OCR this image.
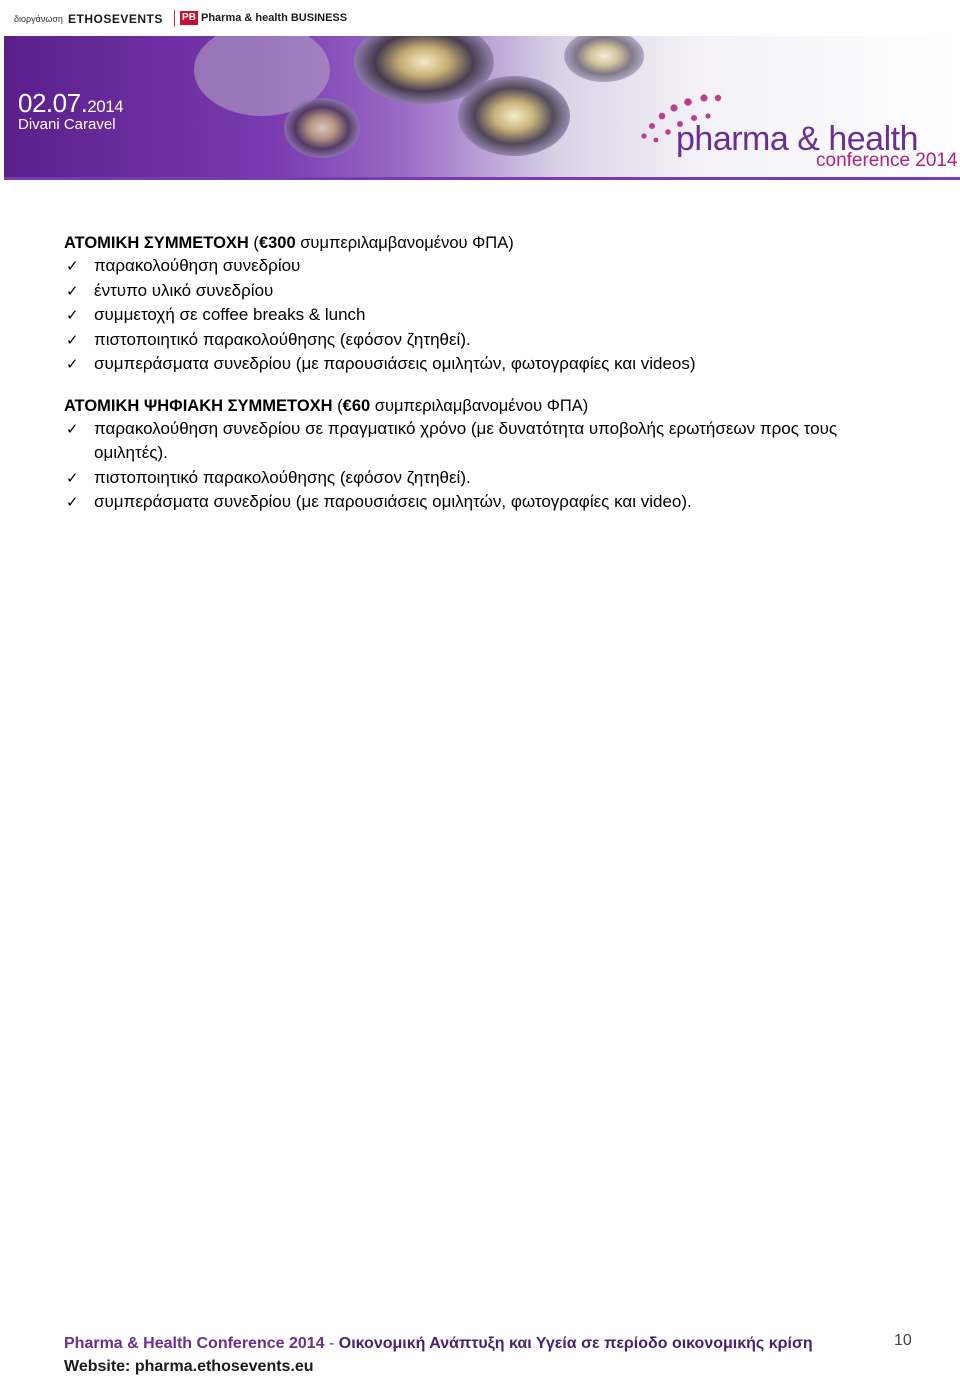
διοργάνωση ETHOSEVENTS PB Pharma & health BUSINESS
02.07.2014
Divani Caravel	pharma & health
conference 2014

ΑΤΟΜΙΚΗ ΣΥΜΜΕΤΟΧΗ (€300 συμπεριλαμβανομένου ΦΠΑ)

✓ παρακολούθηση συνεδρίου
✓ έντυπο υλικό συνεδρίου
✓ συμμετοχή σε coffee breaks & lunch
✓ πιστοποιητικό παρακολούθησης (εφόσον ζητηθεί).
✓ συμπεράσματα συνεδρίου (με παρουσιάσεις ομιλητών, φωτογραφίες και videos)

ΑΤΟΜΙΚΗ ΨΗΦΙΑΚΗ ΣΥΜΜΕΤΟΧΗ (€60 συμπεριλαμβανομένου ΦΠΑ)

✓ παρακολούθηση συνεδρίου σε πραγματικό χρόνο (με δυνατότητα υποβολής ερωτήσεων προς τους ομιλητές).
✓ πιστοποιητικό παρακολούθησης (εφόσον ζητηθεί).
✓ συμπεράσματα συνεδρίου (με παρουσιάσεις ομιλητών, φωτογραφίες και video).
Pharma & Health Conference 2014 - Οικονομική Ανάπτυξη και Υγεία σε περίοδο οικονομικής κρίση
Website: pharma.ethosevents.eu
10
